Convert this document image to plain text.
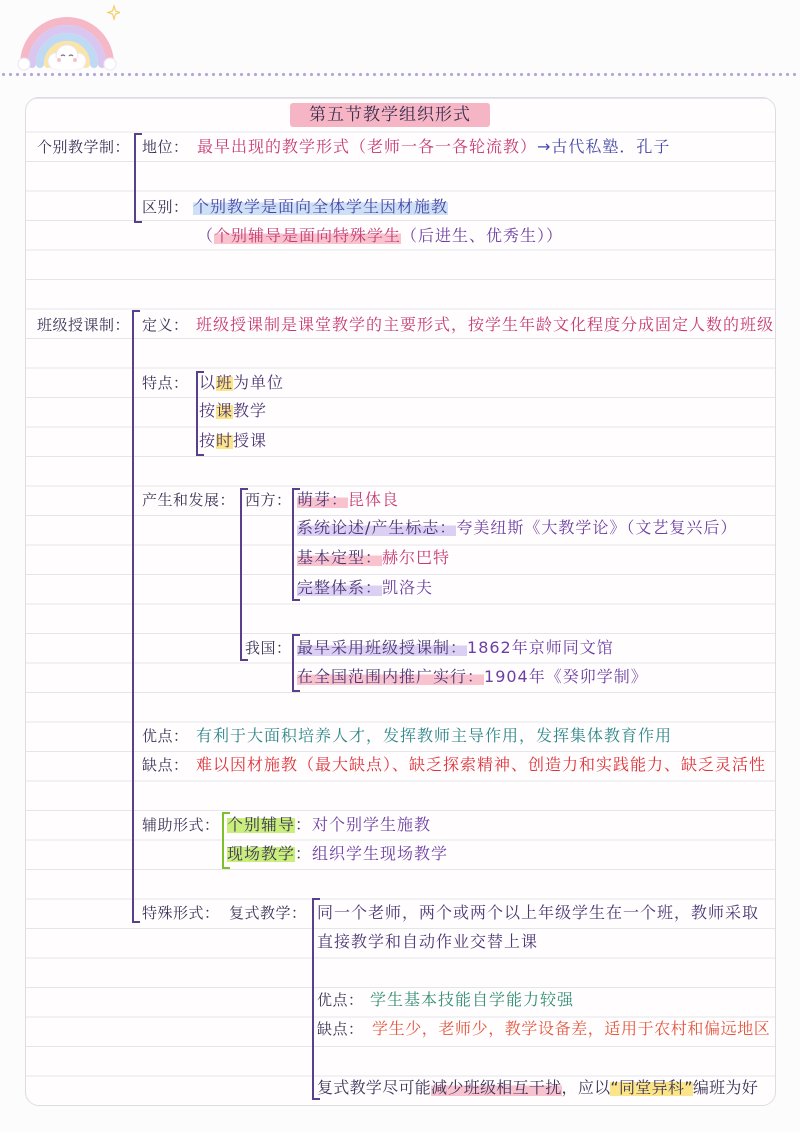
第五节教学组织形式
个别教学制： 地位： 最早出现的教学形式（老师一各一各轮流教）→古代私塾．孔子
区别： 个别教学是面向全体学生因材施教
（个别辅导是面向特殊学生（后进生、优秀生））
班级授课制： 定义： 班级授课制是课堂教学的主要形式，按学生年龄文化程度分成固定人数的班级
特点： 以班为单位
按课教学
按时授课
产生和发展： 西方： 萌芽：昆体良
系统论述/产生标志：夸美纽斯《大教学论》（文艺复兴后）
基本定型：赫尔巴特
完整体系：凯洛夫
我国： 最早采用班级授课制：1862年京师同文馆
在全国范围内推广实行：1904年《癸卯学制》
优点： 有利于大面积培养人才，发挥教师主导作用，发挥集体教育作用
缺点： 难以因材施教（最大缺点）、缺乏探索精神、创造力和实践能力、缺乏灵活性
辅助形式： 个别辅导：对个别学生施教
现场教学：组织学生现场教学
特殊形式： 复式教学： 同一个老师，两个或两个以上年级学生在一个班，教师采取
直接教学和自动作业交替上课
优点： 学生基本技能自学能力较强
缺点： 学生少，老师少，教学设备差，适用于农村和偏远地区
复式教学尽可能减少班级相互干扰，应以“同堂异科”编班为好
